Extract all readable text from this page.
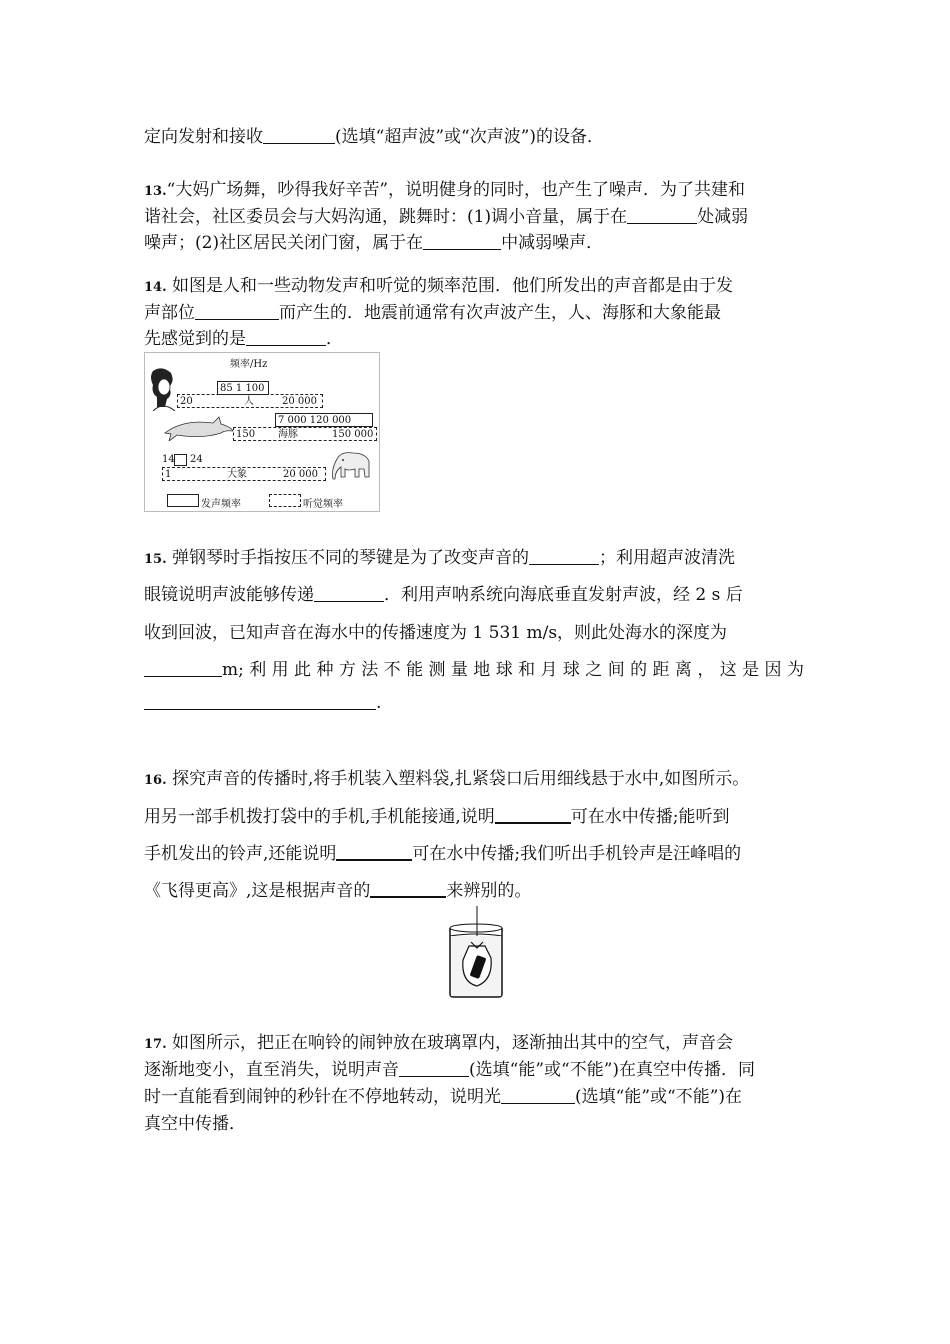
定向发射和接收	(选填“超声波”或“次声波”)的设备．
13.“大妈广场舞，吵得我好辛苦”，说明健身的同时，也产生了噪声．为了共建和
谐社会，社区委员会与大妈沟通，跳舞时：(1)调小音量，属于在	处减弱
噪声；(2)社区居民关闭门窗，属于在	中减弱噪声．
14. 如图是人和一些动物发声和听觉的频率范围．他们所发出的声音都是由于发
声部位	而产生的．地震前通常有次声波产生，人、海豚和大象能最
先感觉到的是	．
频率/Hz
85 1 100
20	人	20 000
7 000 120 000
150 海豚	150 000
14 24
1	大象	20 000
发声频率	听觉频率
15. 弹钢琴时手指按压不同的琴键是为了改变声音的	；利用超声波清洗
眼镜说明声波能够传递	．利用声呐系统向海底垂直发射声波，经 2 s 后
收到回波，已知声音在海水中的传播速度为 1 531 m/s，则此处海水的深度为
m; 利 用 此 种 方 法 不 能 测 量 地 球 和 月 球 之 间 的 距 离 ， 这 是 因 为
.
16. 探究声音的传播时,将手机装入塑料袋,扎紧袋口后用细线悬于水中,如图所示。
用另一部手机拨打袋中的手机,手机能接通,说明	可在水中传播;能听到
手机发出的铃声,还能说明	可在水中传播;我们听出手机铃声是汪峰唱的
《飞得更高》,这是根据声音的	来辨别的。
17. 如图所示，把正在响铃的闹钟放在玻璃罩内，逐渐抽出其中的空气，声音会
逐渐地变小，直至消失，说明声音	(选填“能”或“不能”)在真空中传播．同
时一直能看到闹钟的秒针在不停地转动，说明光	(选填“能”或“不能”)在
真空中传播．
